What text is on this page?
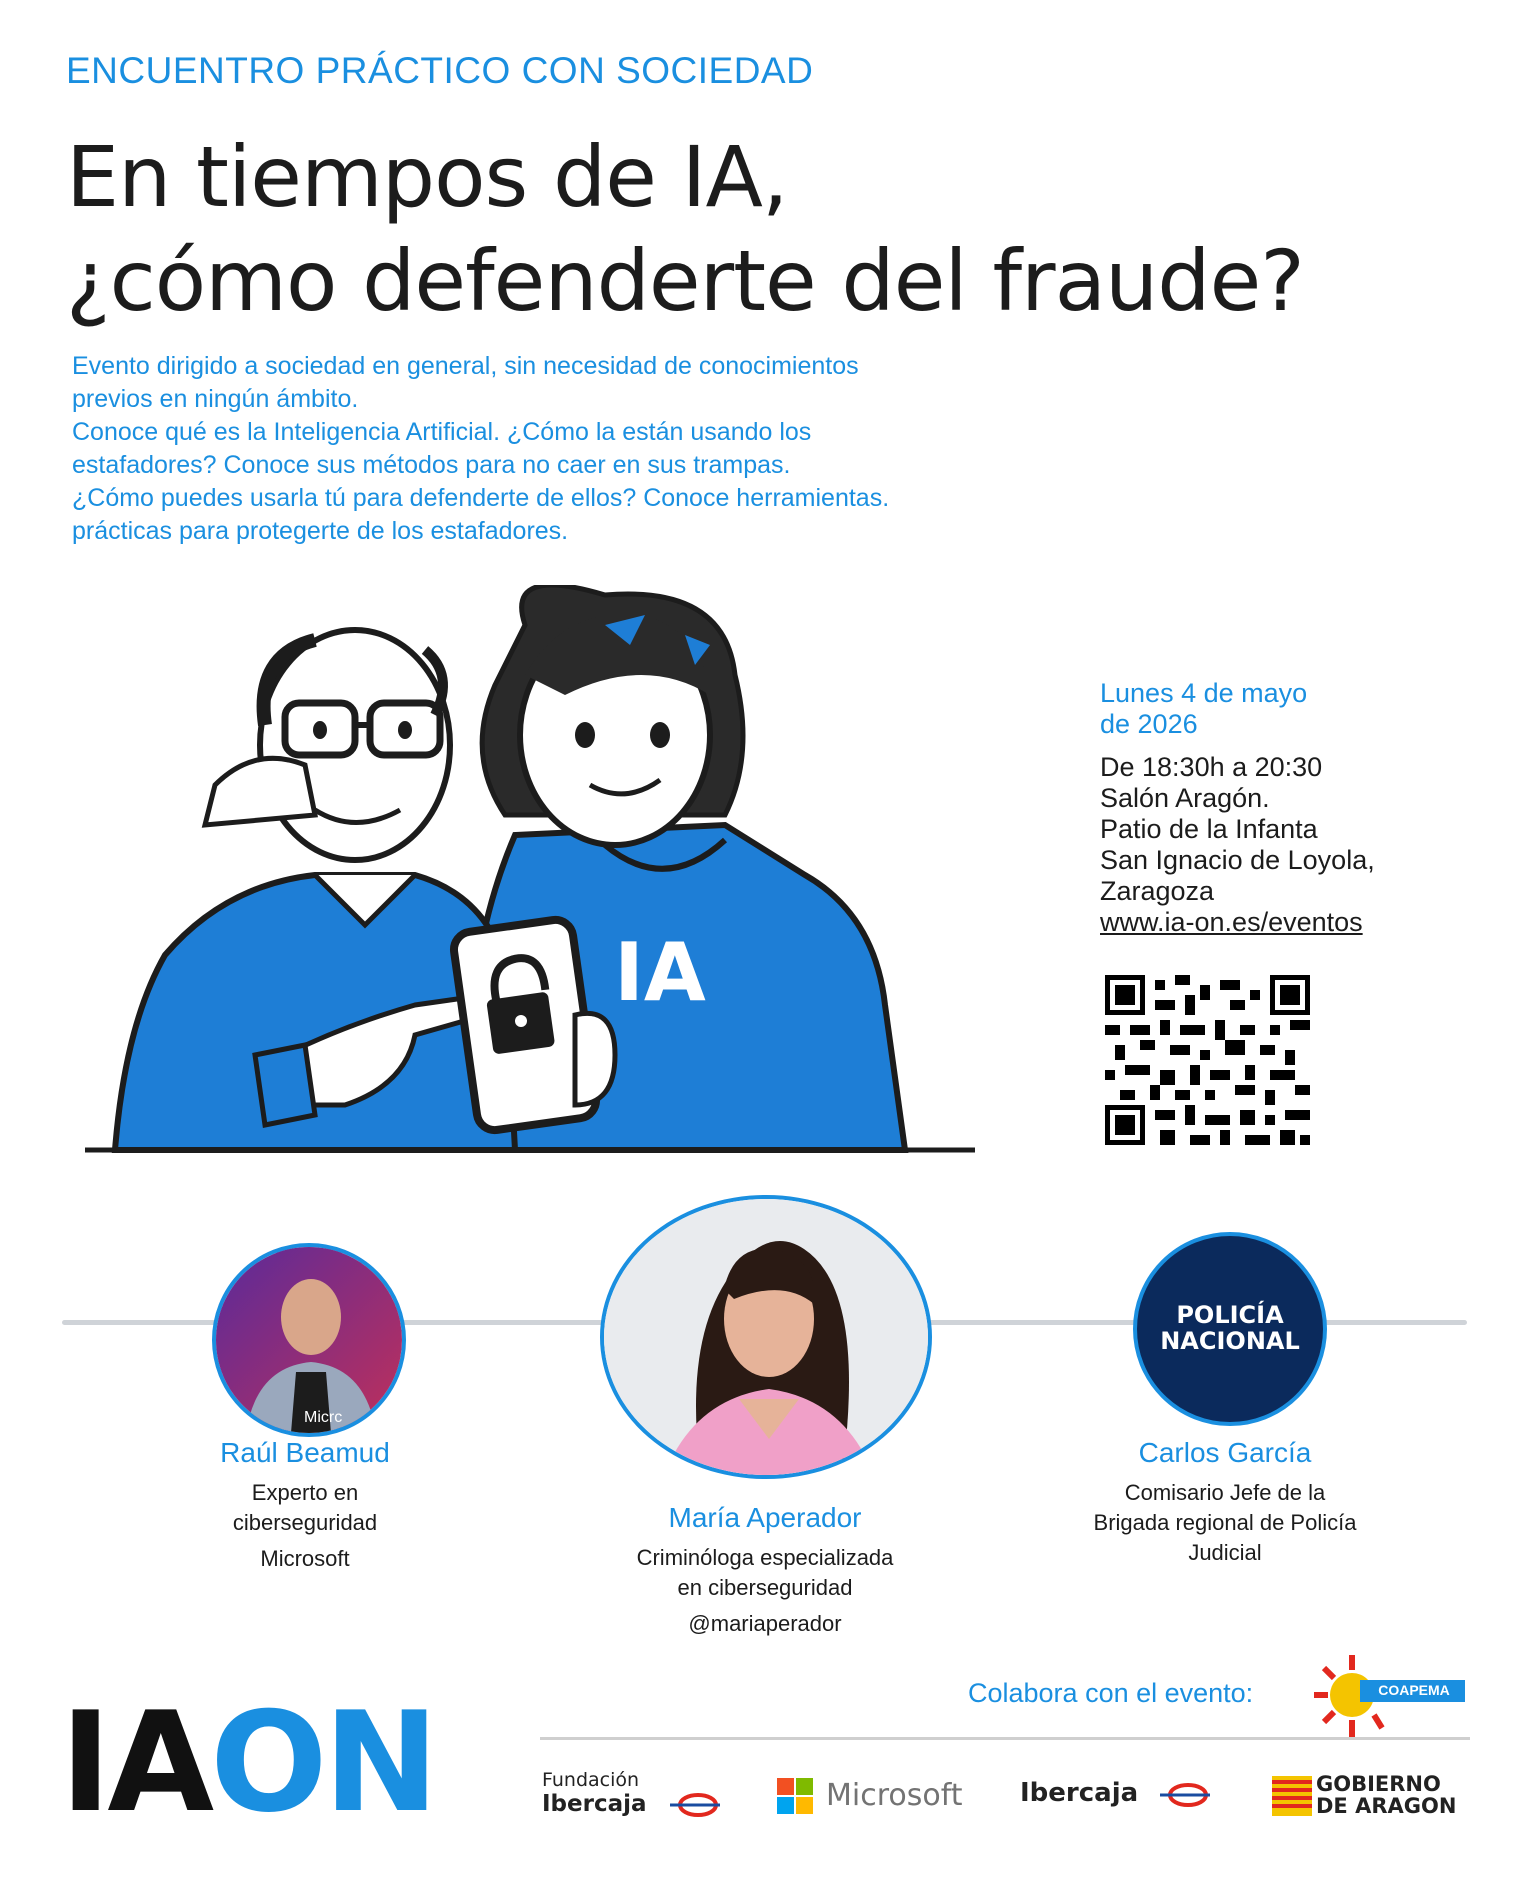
ENCUENTRO PRÁCTICO CON SOCIEDAD
En tiempos de IA,
¿cómo defenderte del fraude?

Evento dirigido a sociedad en general, sin necesidad de conocimientos

previos en ningún ámbito.

Conoce qué es la Inteligencia Artificial. ¿Cómo la están usando los

estafadores? Conoce sus métodos para no caer en sus trampas.

¿Cómo puedes usarla tú para defenderte de ellos? Conoce herramientas.

prácticas para protegerte de los estafadores.

IA
Lunes 4 de mayo
de 2026
De 18:30h a 20:30
Salón Aragón.
Patio de la Infanta
San Ignacio de Loyola,
Zaragoza
www.ia-on.es/eventos
Micrc
Raúl Beamud
Experto en
ciberseguridad
Microsoft
María Aperador
Criminóloga especializada
en ciberseguridad
@mariaperador
POLICÍA
NACIONAL
Carlos García
Comisario Jefe de la
Brigada regional de Policía
Judicial
Colabora con el evento:	COAPEMA
IAON	Fundación
Ibercaja	Microsoft Ibercaja	GOBIERNO
DE ARAGON
